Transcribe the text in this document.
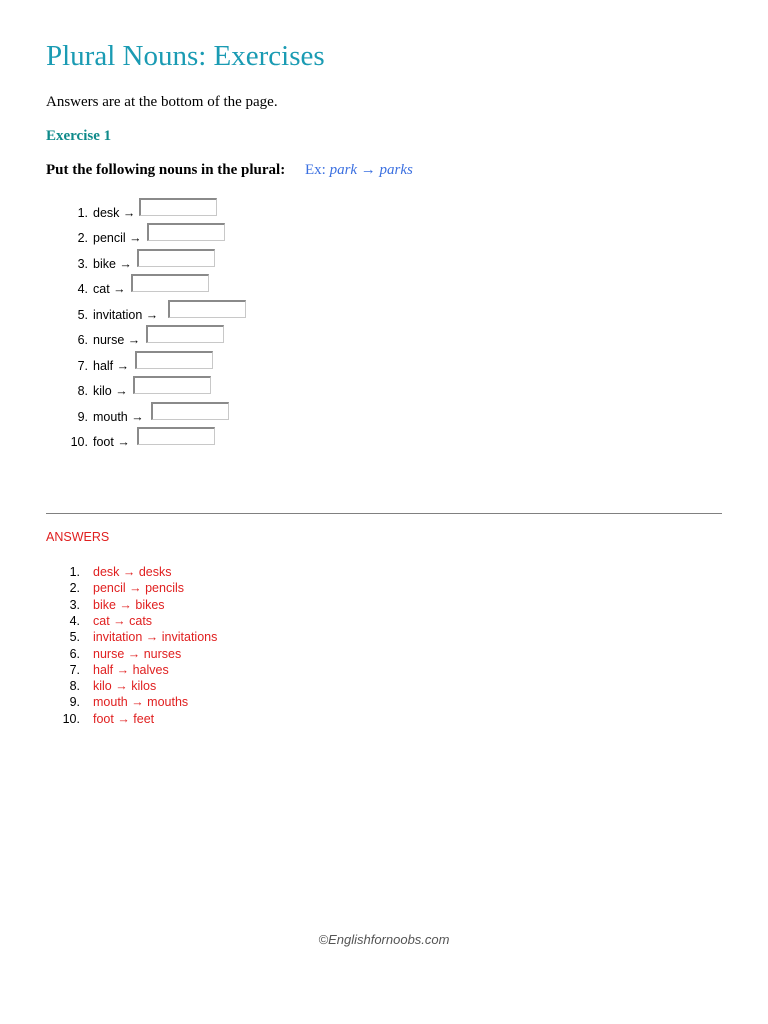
Plural Nouns: Exercises
Answers are at the bottom of the page.
Exercise 1
Put the following nouns in the plural: Ex: park → parks
1. desk →
2. pencil →
3. bike →
4. cat →
5. invitation →
6. nurse →
7. half →
8. kilo →
9. mouth →
10. foot →
ANSWERS
1. desk → desks
2. pencil → pencils
3. bike → bikes
4. cat → cats
5. invitation → invitations
6. nurse → nurses
7. half → halves
8. kilo → kilos
9. mouth → mouths
10. foot → feet
©Englishfornoobs.com
